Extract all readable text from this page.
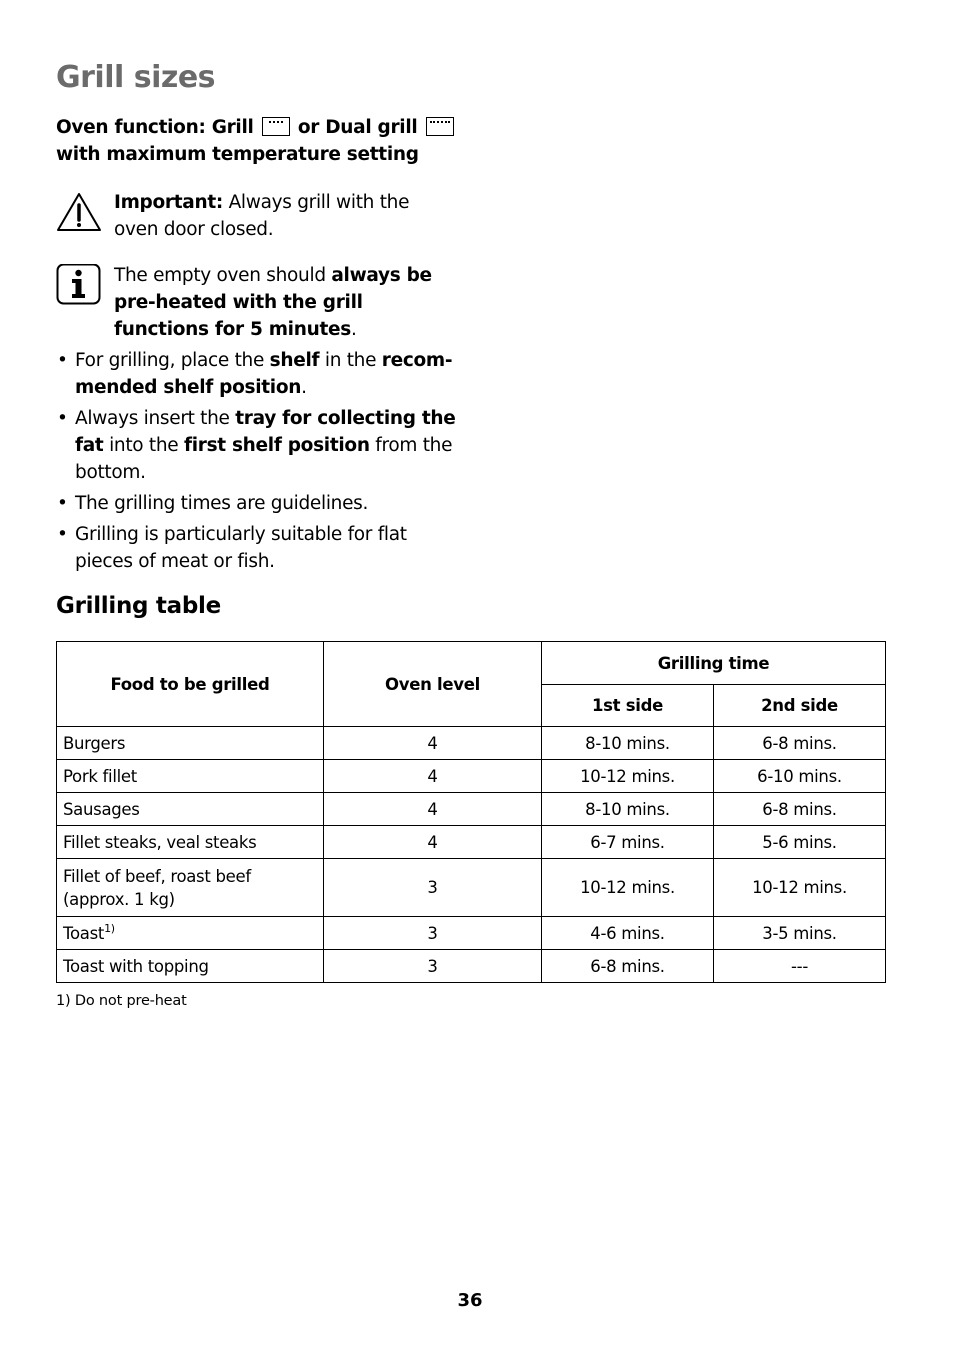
Grill sizes
Oven function: Grill or Dual grill  with maximum temperature setting
Important: Always grill with the oven door closed.
The empty oven should always be pre-heated with the grill functions for 5 minutes.
• For grilling, place the shelf in the recom-mended shelf position.
• Always insert the tray for collecting the fat into the first shelf position from the bottom.
• The grilling times are guidelines.
• Grilling is particularly suitable for flat pieces of meat or fish.
Grilling table
Food to be grilled	Oven level	Grilling time	
		1st side	2nd side
Burgers	4	8-10 mins.	6-8 mins.
Pork fillet	4	10-12 mins.	6-10 mins.
Sausages	4	8-10 mins.	6-8 mins.
Fillet steaks, veal steaks	4	6-7 mins.	5-6 mins.
Fillet of beef, roast beef (approx. 1 kg)	3	10-12 mins.	10-12 mins.
Toast$^{1)}$	3	4-6 mins.	3-5 mins.
Toast with topping	3	6-8 mins.	---
1) Do not pre-heat
36
